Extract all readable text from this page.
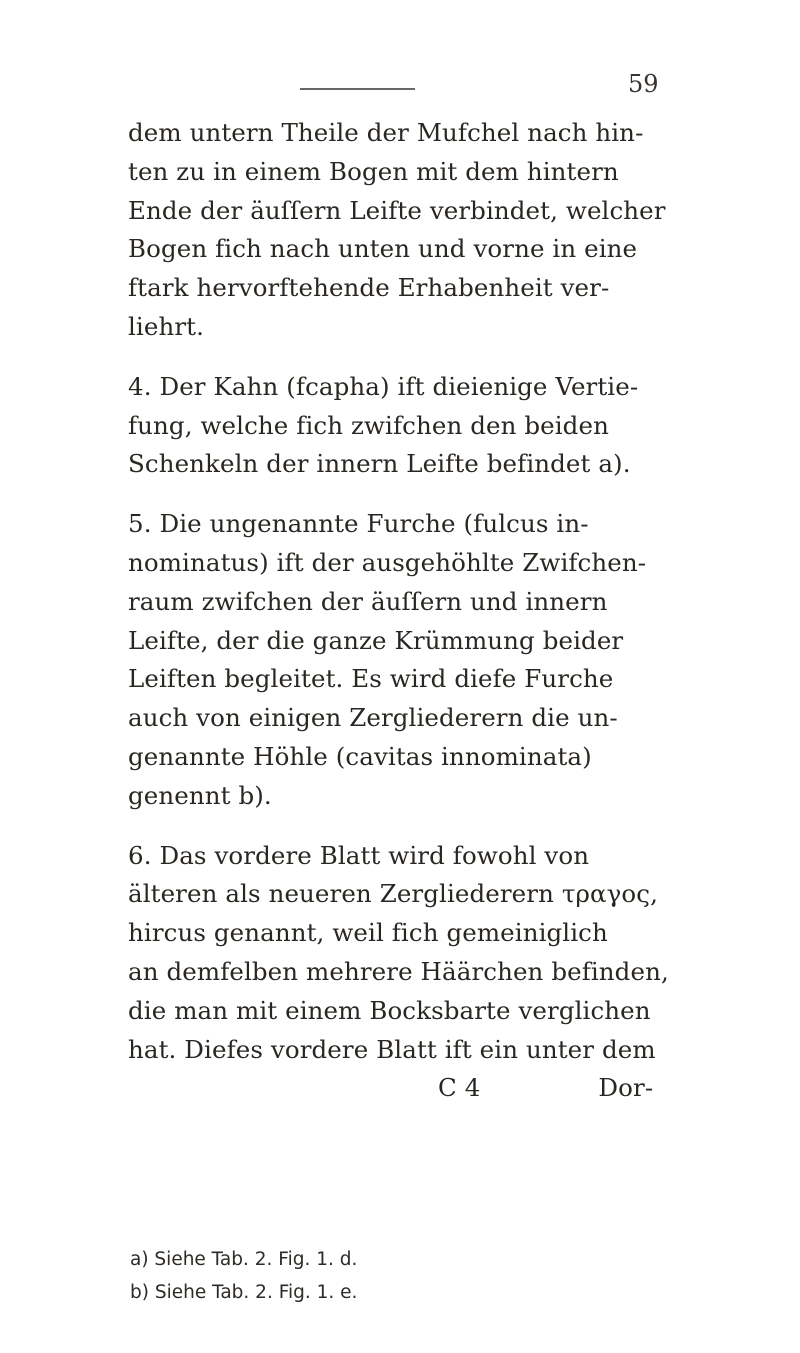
59
dem untern Theile der Mufchel nach hin-
ten zu in einem Bogen mit dem hintern
Ende der äuſſern Leifte verbindet, welcher
Bogen fich nach unten und vorne in eine
ftark hervorftehende Erhabenheit ver-
liehrt.
4. Der Kahn (fcapha) ift dieienige Vertie-
fung, welche fich zwifchen den beiden
Schenkeln der innern Leifte befindet a).
5. Die ungenannte Furche (fulcus in-
nominatus) ift der ausgehöhlte Zwifchen-
raum zwifchen der äuſſern und innern
Leifte, der die ganze Krümmung beider
Leiften begleitet. Es wird diefe Furche
auch von einigen Zergliederern die un-
genannte Höhle (cavitas innominata)
genennt b).
6. Das vordere Blatt wird fowohl von
älteren als neueren Zergliederern τραγος,
hircus genannt, weil fich gemeiniglich
an demfelben mehrere Häärchen befinden,
die man mit einem Bocksbarte verglichen
hat. Diefes vordere Blatt ift ein unter dem
C 4	Dor-
a) Siehe Tab. 2. Fig. 1. d.
b) Siehe Tab. 2. Fig. 1. e.
